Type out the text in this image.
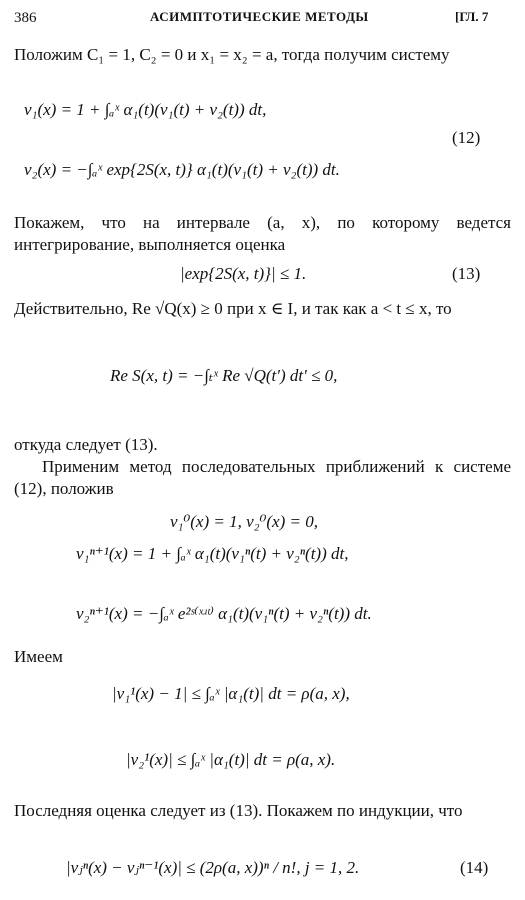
386	АСИМПТОТИЧЕСКИЕ МЕТОДЫ	[ГЛ. 7
Положим C₁ = 1, C₂ = 0 и x₁ = x₂ = a, тогда получим систему
v₁(x) = 1 + ∫ₐˣ α₁(t)(v₁(t) + v₂(t)) dt,
v₂(x) = −∫ₐˣ exp{2S(x, t)} α₁(t)(v₁(t) + v₂(t)) dt.
(12)
Покажем, что на интервале (a, x), по которому ведется интегрирование, выполняется оценка
|exp{2S(x, t)}| ≤ 1.	(13)
Действительно, Re √Q(x) ≥ 0 при x ∈ I, и так как a < t ≤ x, то
Re S(x, t) = −∫ₜˣ Re √Q(t′) dt′ ≤ 0,
откуда следует (13).
Применим метод последовательных приближений к системе (12), положив
v₁⁰(x) = 1, v₂⁰(x) = 0,
v₁ⁿ⁺¹(x) = 1 + ∫ₐˣ α₁(t)(v₁ⁿ(t) + v₂ⁿ(t)) dt,
v₂ⁿ⁺¹(x) = −∫ₐˣ e²ˢ⁽ˣʴᵗ⁾ α₁(t)(v₁ⁿ(t) + v₂ⁿ(t)) dt.
Имеем
|v₁¹(x) − 1| ≤ ∫ₐˣ |α₁(t)| dt = ρ(a, x),
|v₂¹(x)| ≤ ∫ₐˣ |α₁(t)| dt = ρ(a, x).
Последняя оценка следует из (13). Покажем по индукции, что
|vⱼⁿ(x) − vⱼⁿ⁻¹(x)| ≤ (2ρ(a, x))ⁿ / n!, j = 1, 2.	(14)
